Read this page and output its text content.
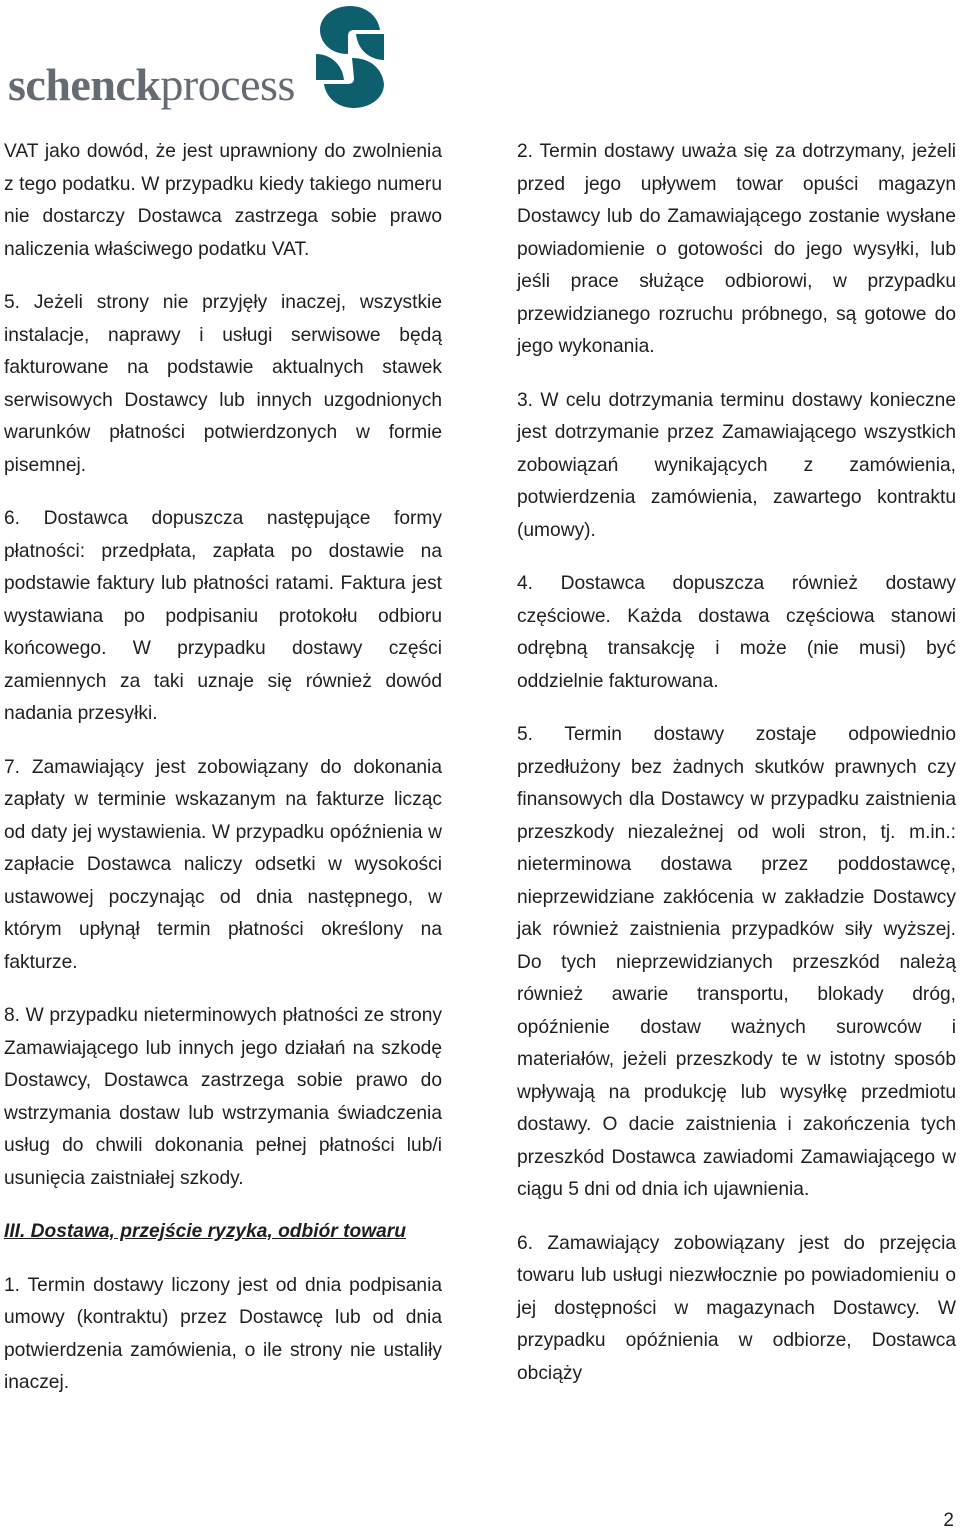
schenckprocess

VAT jako dowód, że jest uprawniony do zwolnienia z tego podatku. W przypadku kiedy takiego numeru nie dostarczy Dostawca zastrzega sobie prawo naliczenia właściwego podatku VAT.

5. Jeżeli strony nie przyjęły inaczej, wszystkie instalacje, naprawy i usługi serwisowe będą fakturowane na podstawie aktualnych stawek serwisowych Dostawcy lub innych uzgodnionych warunków płatności potwierdzonych w formie pisemnej.

6. Dostawca dopuszcza następujące formy płatności: przedpłata, zapłata po dostawie na podstawie faktury lub płatności ratami. Faktura jest wystawiana po podpisaniu protokołu odbioru końcowego. W przypadku dostawy części zamiennych za taki uznaje się również dowód nadania przesyłki.

7. Zamawiający jest zobowiązany do dokonania zapłaty w terminie wskazanym na fakturze licząc od daty jej wystawienia. W przypadku opóźnienia w zapłacie Dostawca naliczy odsetki w wysokości ustawowej poczynając od dnia następnego, w którym upłynął termin płatności określony na fakturze.

8. W przypadku nieterminowych płatności ze strony Zamawiającego lub innych jego działań na szkodę Dostawcy, Dostawca zastrzega sobie prawo do wstrzymania dostaw lub wstrzymania świadczenia usług do chwili dokonania pełnej płatności lub/i usunięcia zaistniałej szkody.

III. Dostawa, przejście ryzyka, odbiór towaru

1. Termin dostawy liczony jest od dnia podpisania umowy (kontraktu) przez Dostawcę lub od dnia potwierdzenia zamówienia, o ile strony nie ustaliły inaczej.

2. Termin dostawy uważa się za dotrzymany, jeżeli przed jego upływem towar opuści magazyn Dostawcy lub do Zamawiającego zostanie wysłane powiadomienie o gotowości do jego wysyłki, lub jeśli prace służące odbiorowi, w przypadku przewidzianego rozruchu próbnego, są gotowe do jego wykonania.

3. W celu dotrzymania terminu dostawy konieczne jest dotrzymanie przez Zamawiającego wszystkich zobowiązań wynikających z zamówienia, potwierdzenia zamówienia, zawartego kontraktu (umowy).

4. Dostawca dopuszcza również dostawy częściowe. Każda dostawa częściowa stanowi odrębną transakcję i może (nie musi) być oddzielnie fakturowana.

5. Termin dostawy zostaje odpowiednio przedłużony bez żadnych skutków prawnych czy finansowych dla Dostawcy w przypadku zaistnienia przeszkody niezależnej od woli stron, tj. m.in.: nieterminowa dostawa przez poddostawcę, nieprzewidziane zakłócenia w zakładzie Dostawcy jak również zaistnienia przypadków siły wyższej. Do tych nieprzewidzianych przeszkód należą również awarie transportu, blokady dróg, opóźnienie dostaw ważnych surowców i materiałów, jeżeli przeszkody te w istotny sposób wpływają na produkcję lub wysyłkę przedmiotu dostawy. O dacie zaistnienia i zakończenia tych przeszkód Dostawca zawiadomi Zamawiającego w ciągu 5 dni od dnia ich ujawnienia.

6. Zamawiający zobowiązany jest do przejęcia towaru lub usługi niezwłocznie po powiadomieniu o jej dostępności w magazynach Dostawcy. W przypadku opóźnienia w odbiorze, Dostawca obciąży

2
